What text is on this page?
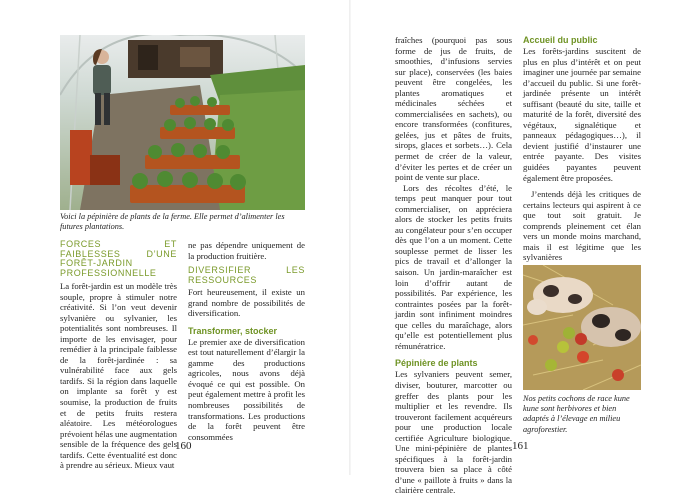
Voici la pépinière de plants de la ferme. Elle permet d’alimenter les futures plantations.

FORCES ET FAIBLESSES D’UNE FORÊT-JARDIN PROFESSIONNELLE

La forêt-jardin est un modèle très souple, propre à stimuler notre créativité. Si l’on veut devenir sylvanière ou sylvanier, les potentialités sont nombreuses. Il importe de les envisager, pour remédier à la principale faiblesse de la forêt-jardinée : sa vulnérabilité face aux gels tardifs. Si la région dans laquelle on implante sa forêt y est soumise, la production de fruits et de petits fruits restera aléatoire. Les météorologues prévoient hélas une augmentation sensible de la fréquence des gels tardifs. Cette éventualité est donc à prendre au sérieux. Mieux vaut

ne pas dépendre uniquement de la production fruitière.

DIVERSIFIER LES RESSOURCES

Fort heureusement, il existe un grand nombre de possibilités de diversification.

Transformer, stocker

Le premier axe de diversification est tout naturellement d’élargir la gamme des productions agricoles, nous avons déjà évoqué ce qui est possible. On peut également mettre à profit les nombreuses possibilités de transformations. Les productions de la forêt peuvent être consommées

160

fraîches (pourquoi pas sous forme de jus de fruits, de smoothies, d’infusions servies sur place), conservées (les baies peuvent être congelées, les plantes aromatiques et médicinales séchées et commercialisées en sachets), ou encore transformées (confitures, gelées, jus et pâtes de fruits, sirops, glaces et sorbets…). Cela permet de créer de la valeur, d’éviter les pertes et de créer un point de vente sur place.

Lors des récoltes d’été, le temps peut manquer pour tout commercialiser, on appréciera alors de stocker les petits fruits au congélateur pour s’en occuper dès que l’on a un moment. Cette souplesse permet de lisser les pics de travail et d’allonger la saison. Un jardin-maraîcher est loin d’offrir autant de possibilités. Par expérience, les contraintes posées par la forêt-jardin sont infiniment moindres que celles du maraîchage, alors qu’elle est potentiellement plus rémunératrice.

Pépinière de plants

Les sylvaniers peuvent semer, diviser, bouturer, marcotter ou greffer des plants pour les multiplier et les revendre. Ils trouveront facilement acquéreurs pour une production locale certifiée Agriculture biologique. Une mini-pépinière de plantes spécifiques à la forêt-jardin trouvera bien sa place à côté d’une « paillote à fruits » dans la clairière centrale.

Accueil du public

Les forêts-jardins suscitent de plus en plus d’intérêt et on peut imaginer une journée par semaine d’accueil du public. Si une forêt-jardinée présente un intérêt suffisant (beauté du site, taille et maturité de la forêt, diversité des végétaux, signalétique et panneaux pédagogiques…), il devient justifié d’instaurer une entrée payante. Des visites guidées payantes peuvent également être proposées.

J’entends déjà les critiques de certains lecteurs qui aspirent à ce que tout soit gratuit. Je comprends pleinement cet élan vers un monde moins marchand, mais il est légitime que les sylvanières

Nos petits cochons de race kune kune sont herbivores et bien adaptés à l’élevage en milieu agroforestier.
161
